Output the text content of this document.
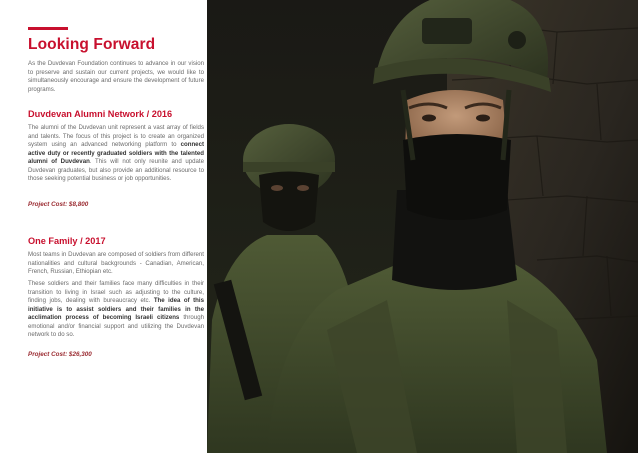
Looking Forward

As the Duvdevan Foundation continues to advance in our vision to preserve and sustain our current projects, we would like to simultaneously encourage and ensure the development of future programs.

Duvdevan Alumni Network / 2016

The alumni of the Duvdevan unit represent a vast array of fields and talents. The focus of this project is to create an organized system using an advanced networking platform to connect active duty or recently graduated soldiers with the talented alumni of Duvdevan. This will not only reunite and update Duvdevan graduates, but also provide an additional resource to those seeking potential business or job opportunities.

Project Cost: $8,800

One Family / 2017

Most teams in Duvdevan are composed of soldiers from different nationalities and cultural backgrounds - Canadian, American, French, Russian, Ethiopian etc.

These soldiers and their families face many difficulties in their transition to living in Israel such as adjusting to the culture, finding jobs, dealing with bureaucracy etc. The idea of this initiative is to assist soldiers and their families in the acclimation process of becoming Israeli citizens through emotional and/or financial support and utilizing the Duvdevan network to do so.

Project Cost: $26,300
